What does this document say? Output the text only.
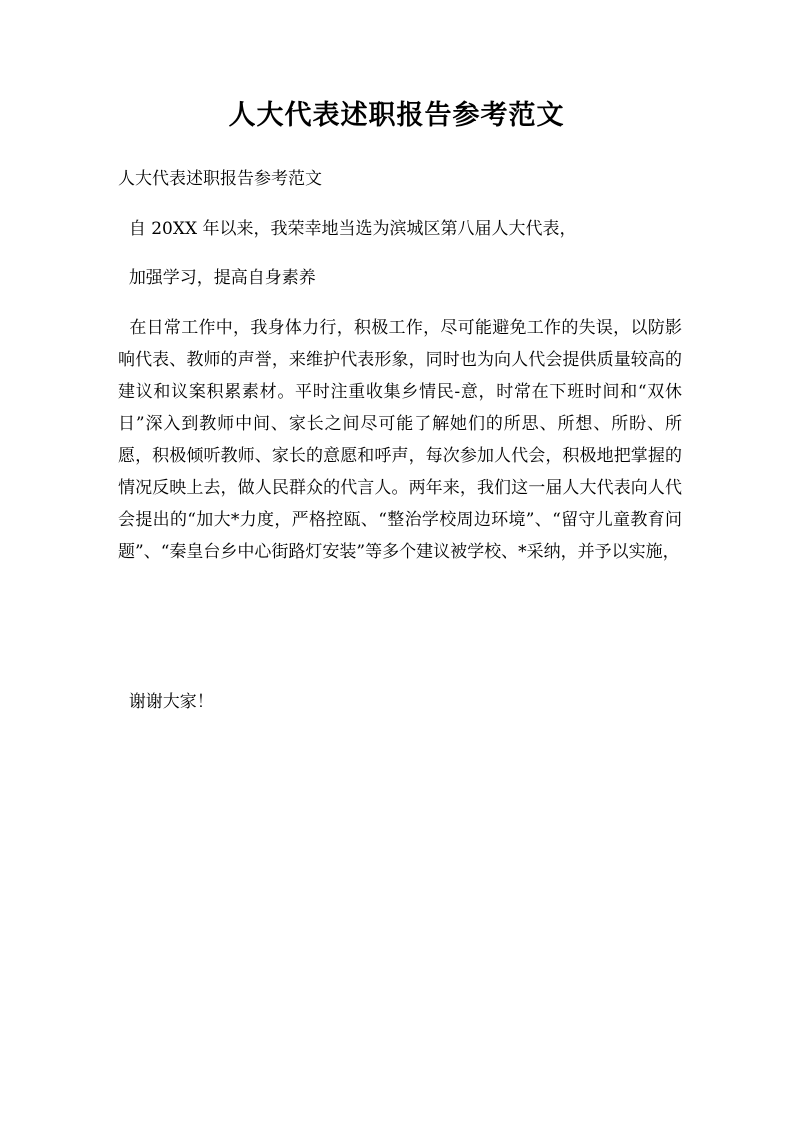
人大代表述职报告参考范文
人大代表述职报告参考范文

自 20XX 年以来，我荣幸地当选为滨城区第八届人大代表，

加强学习，提高自身素养

在日常工作中，我身体力行，积极工作，尽可能避免工作的失误，以防影响代表、教师的声誉，来维护代表形象，同时也为向人代会提供质量较高的建议和议案积累素材。平时注重收集乡情民-意，时常在下班时间和“双休日”深入到教师中间、家长之间尽可能了解她们的所思、所想、所盼、所愿，积极倾听教师、家长的意愿和呼声，每次参加人代会，积极地把掌握的情况反映上去，做人民群众的代言人。两年来，我们这一届人大代表向人代会提出的“加大*力度，严格控瓯、“整治学校周边环境”、“留守儿童教育问题”、“秦皇台乡中心街路灯安装”等多个建议被学校、*采纳，并予以实施，

谢谢大家！
